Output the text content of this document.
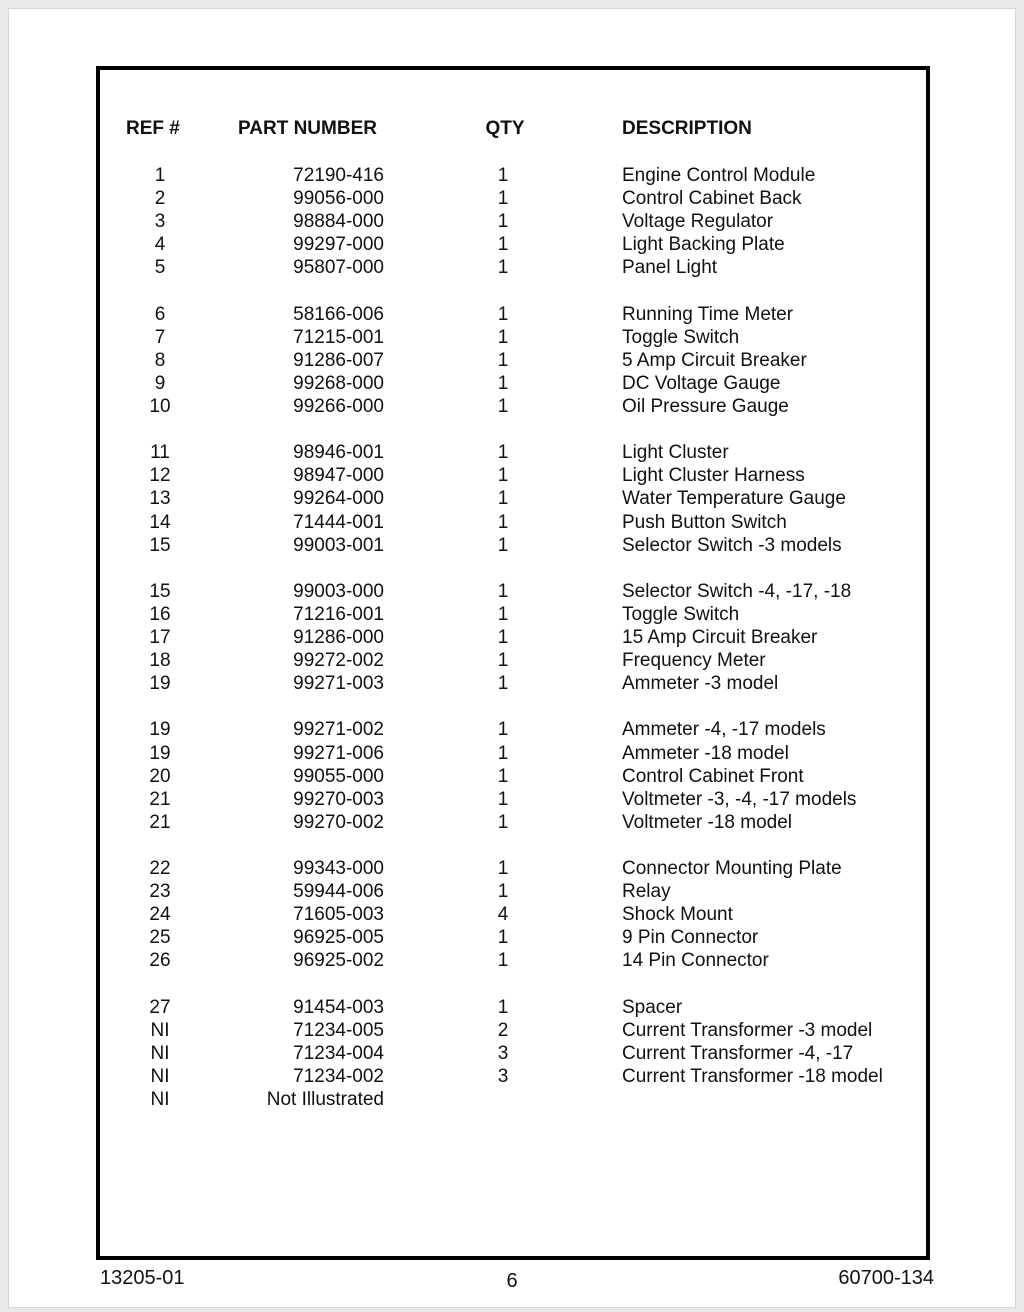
REF #	PART NUMBER	QTY	DESCRIPTION
1	72190-416	1	Engine Control Module
2	99056-000	1	Control Cabinet Back
3	98884-000	1	Voltage Regulator
4	99297-000	1	Light Backing Plate
5	95807-000	1	Panel Light
6	58166-006	1	Running Time Meter
7	71215-001	1	Toggle Switch
8	91286-007	1	5 Amp Circuit Breaker
9	99268-000	1	DC Voltage Gauge
10	99266-000	1	Oil Pressure Gauge
11	98946-001	1	Light Cluster
12	98947-000	1	Light Cluster Harness
13	99264-000	1	Water Temperature Gauge
14	71444-001	1	Push Button Switch
15	99003-001	1	Selector Switch -3 models
15	99003-000	1	Selector Switch -4, -17, -18
16	71216-001	1	Toggle Switch
17	91286-000	1	15 Amp Circuit Breaker
18	99272-002	1	Frequency Meter
19	99271-003	1	Ammeter -3 model
19	99271-002	1	Ammeter -4, -17 models
19	99271-006	1	Ammeter -18 model
20	99055-000	1	Control Cabinet Front
21	99270-003	1	Voltmeter -3, -4, -17 models
21	99270-002	1	Voltmeter -18 model
22	99343-000	1	Connector Mounting Plate
23	59944-006	1	Relay
24	71605-003	4	Shock Mount
25	96925-005	1	9 Pin Connector
26	96925-002	1	14 Pin Connector
27	91454-003	1	Spacer
NI	71234-005	2	Current Transformer -3 model
NI	71234-004	3	Current Transformer -4, -17
NI	71234-002	3	Current Transformer -18 model
NI	Not Illustrated
13205-01	6	60700-134
